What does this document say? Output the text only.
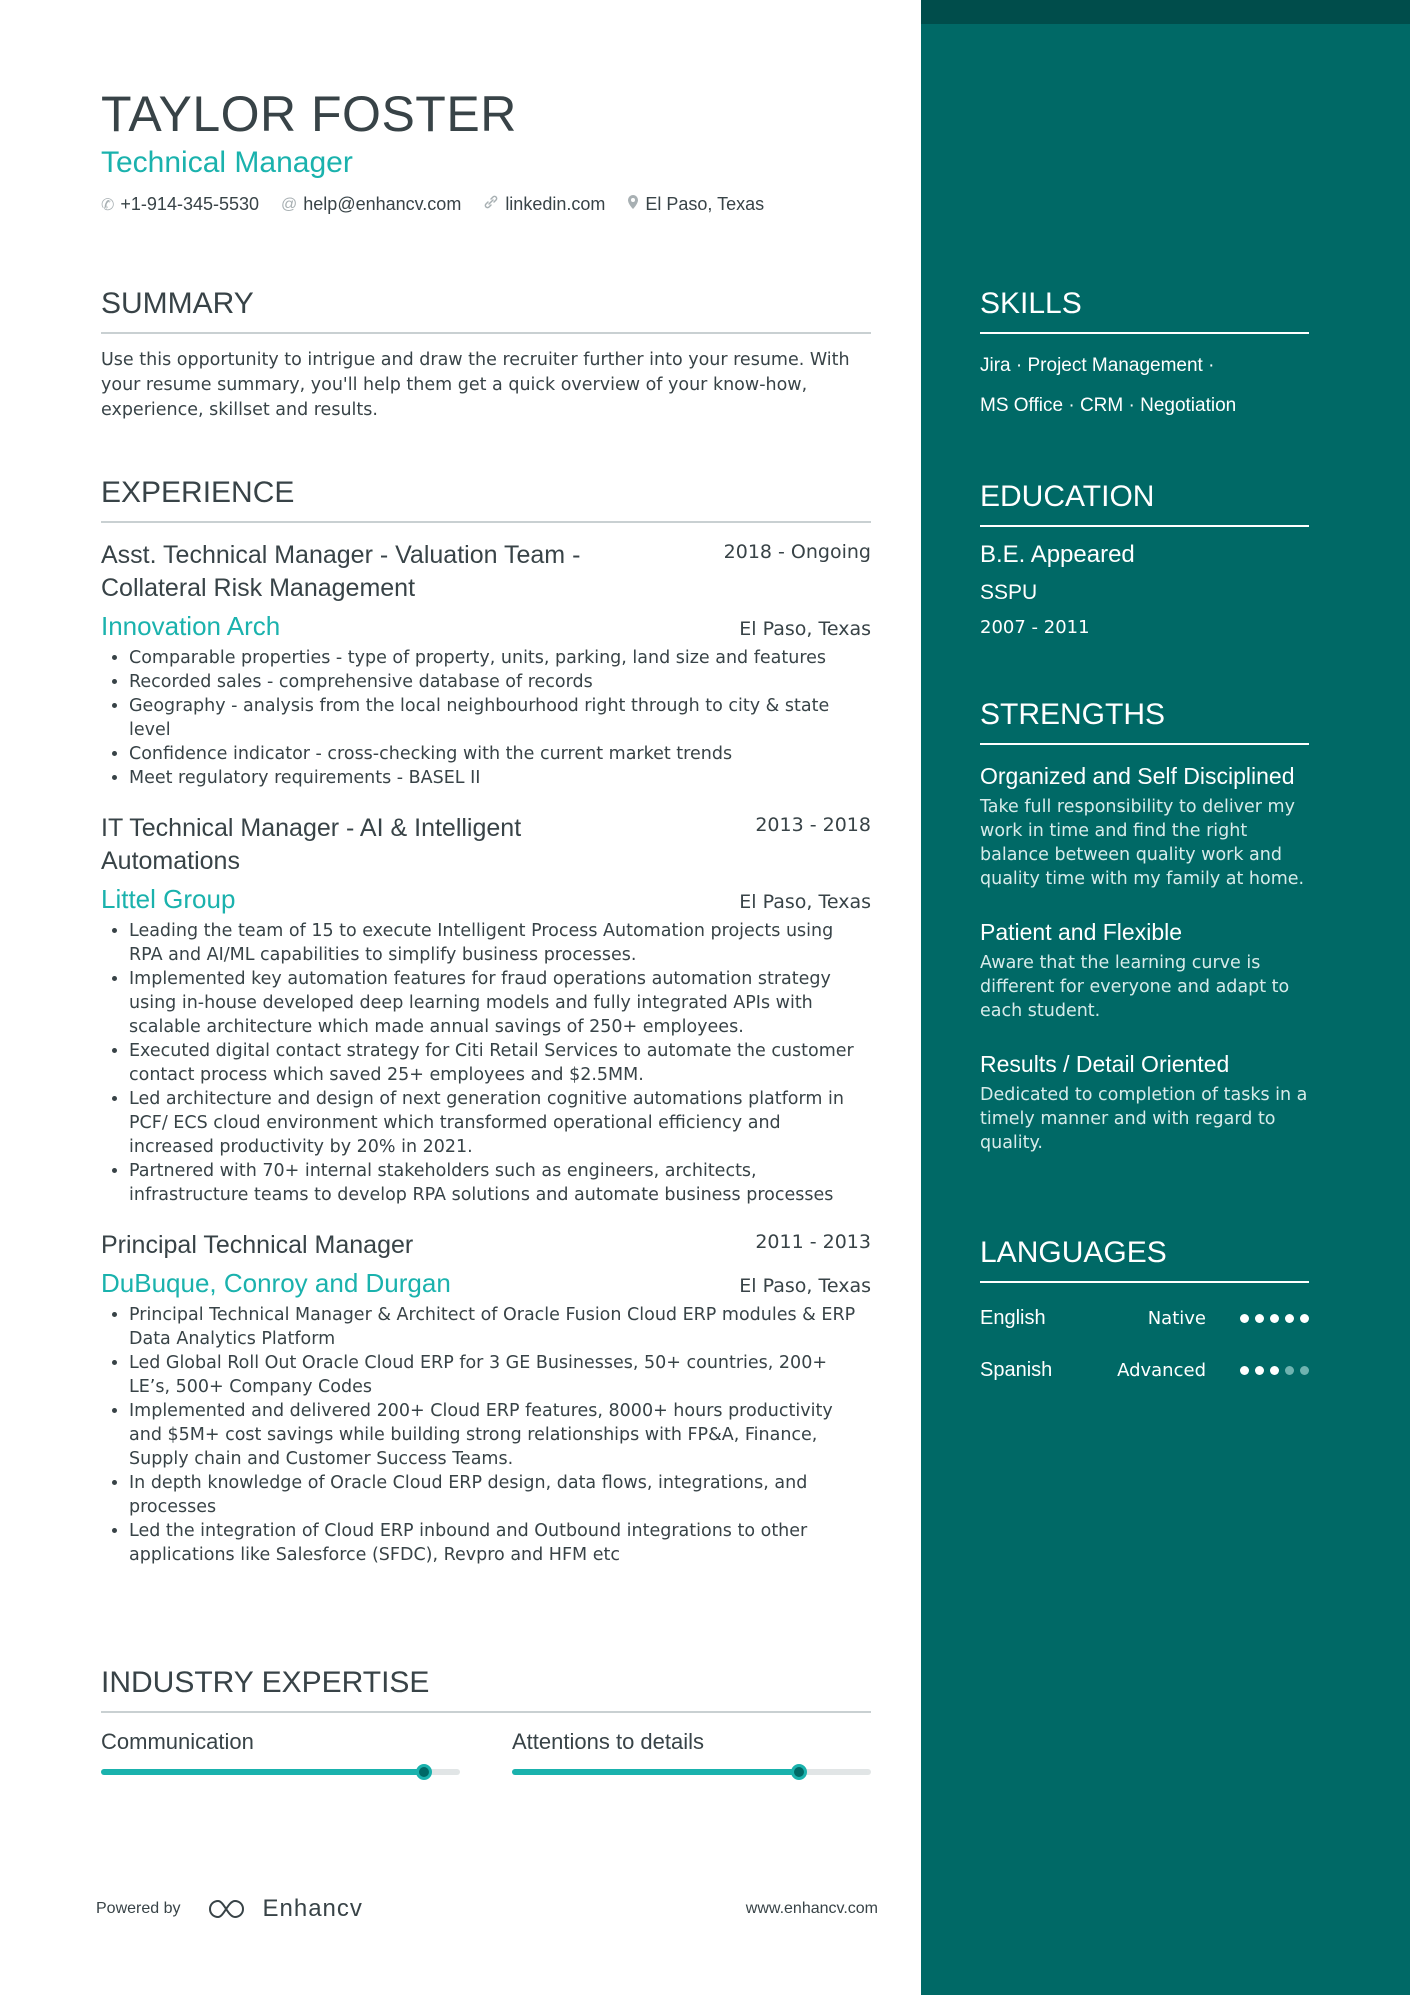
TAYLOR FOSTER
Technical Manager
✆ +1-914-345-5530 @ help@enhancv.com linkedin.com El Paso, Texas
SUMMARY

Use this opportunity to intrigue and draw the recruiter further into your resume. With your resume summary, you'll help them get a quick overview of your know-how, experience, skillset and results.

EXPERIENCE
Asst. Technical Manager - Valuation Team - Collateral Risk Management
2018 - Ongoing
Innovation Arch	El Paso, Texas
• Comparable properties - type of property, units, parking, land size and features
• Recorded sales - comprehensive database of records
• Geography - analysis from the local neighbourhood right through to city & state level
• Confidence indicator - cross-checking with the current market trends
• Meet regulatory requirements - BASEL II
IT Technical Manager - AI & Intelligent Automations
2013 - 2018
Littel Group	El Paso, Texas
• Leading the team of 15 to execute Intelligent Process Automation projects using RPA and AI/ML capabilities to simplify business processes.
• Implemented key automation features for fraud operations automation strategy using in-house developed deep learning models and fully integrated APIs with scalable architecture which made annual savings of 250+ employees.
• Executed digital contact strategy for Citi Retail Services to automate the customer contact process which saved 25+ employees and $2.5MM.
• Led architecture and design of next generation cognitive automations platform in PCF/ ECS cloud environment which transformed operational efficiency and increased productivity by 20% in 2021.
• Partnered with 70+ internal stakeholders such as engineers, architects, infrastructure teams to develop RPA solutions and automate business processes
Principal Technical Manager	2011 - 2013
DuBuque, Conroy and Durgan	El Paso, Texas
• Principal Technical Manager & Architect of Oracle Fusion Cloud ERP modules & ERP Data Analytics Platform
• Led Global Roll Out Oracle Cloud ERP for 3 GE Businesses, 50+ countries, 200+ LE’s, 500+ Company Codes
• Implemented and delivered 200+ Cloud ERP features, 8000+ hours productivity and $5M+ cost savings while building strong relationships with FP&A, Finance, Supply chain and Customer Success Teams.
• In depth knowledge of Oracle Cloud ERP design, data flows, integrations, and processes
• Led the integration of Cloud ERP inbound and Outbound integrations to other applications like Salesforce (SFDC), Revpro and HFM etc
INDUSTRY EXPERTISE
Communication	Attentions to details
Powered by	Enhancv	www.enhancv.com
SKILLS
Jira · Project Management ·
MS Office · CRM · Negotiation
EDUCATION
B.E. Appeared
SSPU
2007 - 2011
STRENGTHS
Organized and Self Disciplined
Take full responsibility to deliver my work in time and find the right balance between quality work and quality time with my family at home.
Patient and Flexible
Aware that the learning curve is different for everyone and adapt to each student.
Results / Detail Oriented
Dedicated to completion of tasks in a timely manner and with regard to quality.
LANGUAGES
English	Native
Spanish	Advanced
